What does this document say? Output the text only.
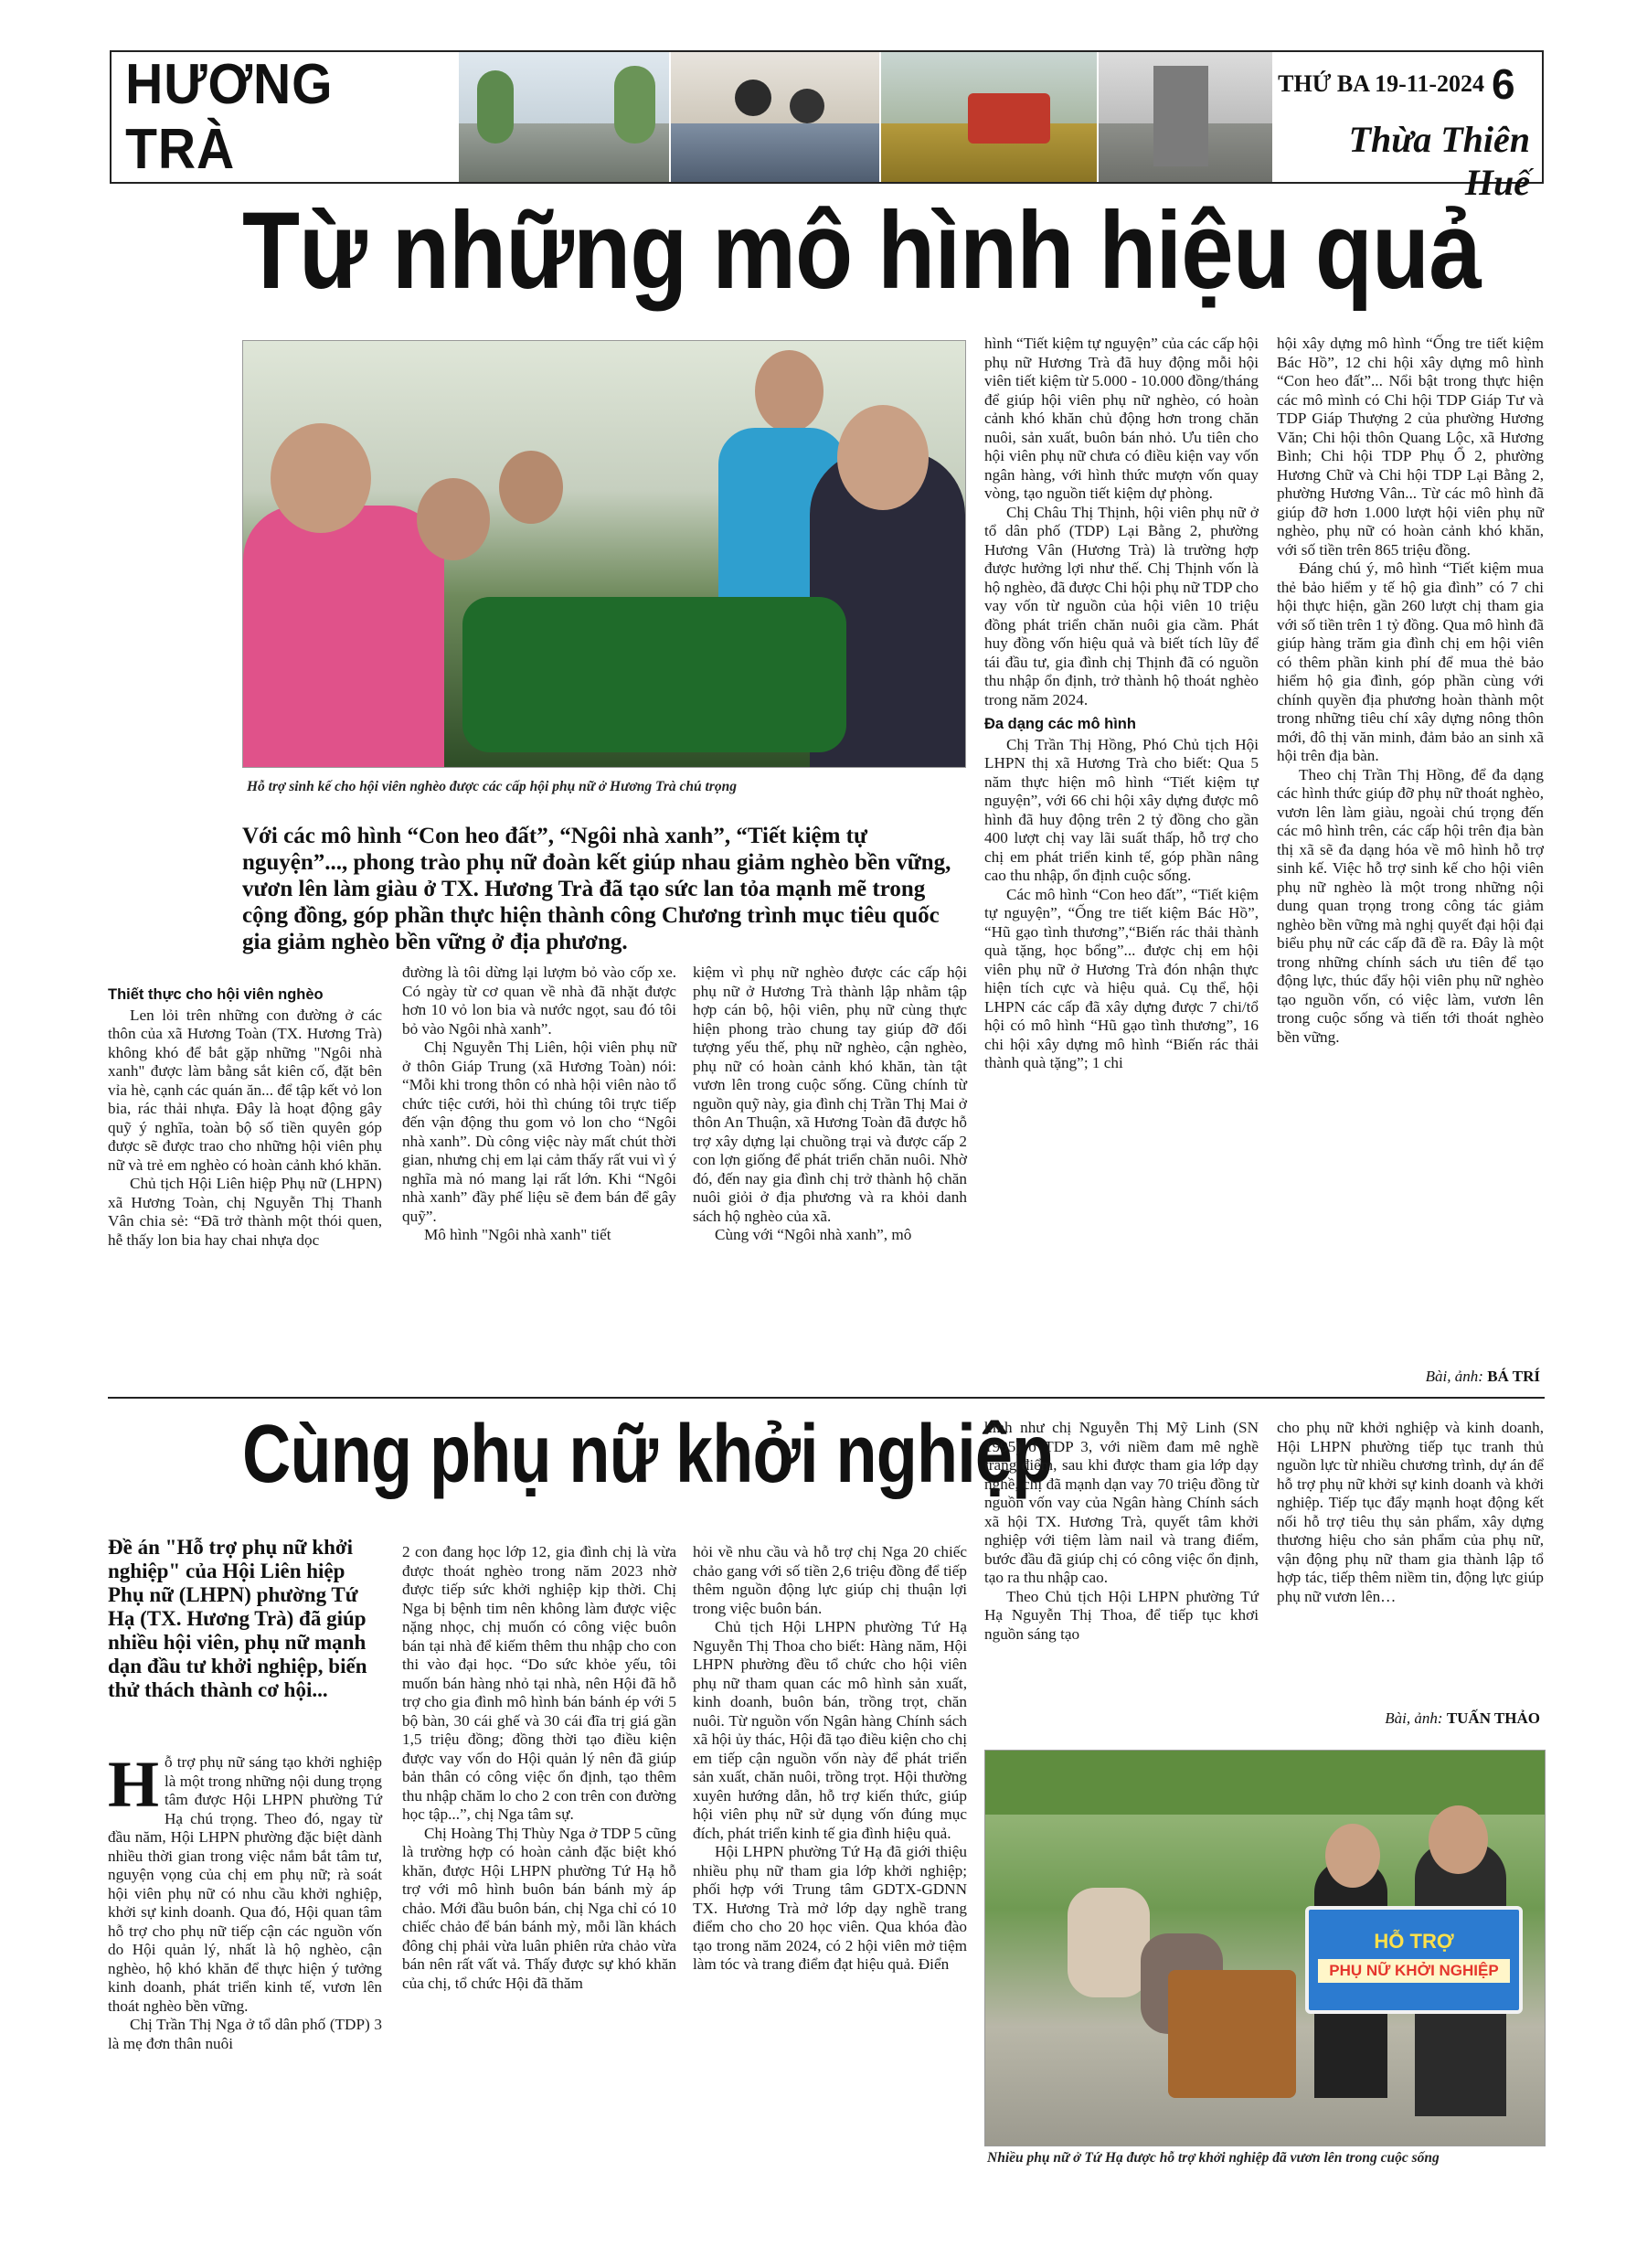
HƯƠNG TRÀ
THỨ BA 19-11-2024 6
Thừa Thiên Huế
Từ những mô hình hiệu quả
Hỗ trợ sinh kế cho hội viên nghèo được các cấp hội phụ nữ ở Hương Trà chú trọng
Với các mô hình “Con heo đất”, “Ngôi nhà xanh”, “Tiết kiệm tự nguyện”..., phong trào phụ nữ đoàn kết giúp nhau giảm nghèo bền vững, vươn lên làm giàu ở TX. Hương Trà đã tạo sức lan tỏa mạnh mẽ trong cộng đồng, góp phần thực hiện thành công Chương trình mục tiêu quốc gia giảm nghèo bền vững ở địa phương.
Thiết thực cho hội viên nghèo

Len lỏi trên những con đường ở các thôn của xã Hương Toàn (TX. Hương Trà) không khó để bắt gặp những "Ngôi nhà xanh" được làm bằng sắt kiên cố, đặt bên vỉa hè, cạnh các quán ăn... để tập kết vỏ lon bia, rác thải nhựa. Đây là hoạt động gây quỹ ý nghĩa, toàn bộ số tiền quyên góp được sẽ được trao cho những hội viên phụ nữ và trẻ em nghèo có hoàn cảnh khó khăn.

Chủ tịch Hội Liên hiệp Phụ nữ (LHPN) xã Hương Toàn, chị Nguyễn Thị Thanh Vân chia sẻ: “Đã trở thành một thói quen, hễ thấy lon bia hay chai nhựa dọc

đường là tôi dừng lại lượm bỏ vào cốp xe. Có ngày từ cơ quan về nhà đã nhặt được hơn 10 vỏ lon bia và nước ngọt, sau đó tôi bỏ vào Ngôi nhà xanh”.

Chị Nguyễn Thị Liên, hội viên phụ nữ ở thôn Giáp Trung (xã Hương Toàn) nói: “Mỗi khi trong thôn có nhà hội viên nào tổ chức tiệc cưới, hỏi thì chúng tôi trực tiếp đến vận động thu gom vỏ lon cho “Ngôi nhà xanh”. Dù công việc này mất chút thời gian, nhưng chị em lại cảm thấy rất vui vì ý nghĩa mà nó mang lại rất lớn. Khi “Ngôi nhà xanh” đầy phế liệu sẽ đem bán để gây quỹ”.

Mô hình "Ngôi nhà xanh" tiết

kiệm vì phụ nữ nghèo được các cấp hội phụ nữ ở Hương Trà thành lập nhằm tập hợp cán bộ, hội viên, phụ nữ cùng thực hiện phong trào chung tay giúp đỡ đối tượng yếu thế, phụ nữ nghèo, cận nghèo, phụ nữ có hoàn cảnh khó khăn, tàn tật vươn lên trong cuộc sống. Cũng chính từ nguồn quỹ này, gia đình chị Trần Thị Mai ở thôn An Thuận, xã Hương Toàn đã được hỗ trợ xây dựng lại chuồng trại và được cấp 2 con lợn giống để phát triển chăn nuôi. Nhờ đó, đến nay gia đình chị trở thành hộ chăn nuôi giỏi ở địa phương và ra khỏi danh sách hộ nghèo của xã.

Cùng với “Ngôi nhà xanh”, mô

hình “Tiết kiệm tự nguyện” của các cấp hội phụ nữ Hương Trà đã huy động mỗi hội viên tiết kiệm từ 5.000 - 10.000 đồng/tháng để giúp hội viên phụ nữ nghèo, có hoàn cảnh khó khăn chủ động hơn trong chăn nuôi, sản xuất, buôn bán nhỏ. Ưu tiên cho hội viên phụ nữ chưa có điều kiện vay vốn ngân hàng, với hình thức mượn vốn quay vòng, tạo nguồn tiết kiệm dự phòng.

Chị Châu Thị Thịnh, hội viên phụ nữ ở tổ dân phố (TDP) Lại Bằng 2, phường Hương Vân (Hương Trà) là trường hợp được hưởng lợi như thế. Chị Thịnh vốn là hộ nghèo, đã được Chi hội phụ nữ TDP cho vay vốn từ nguồn của hội viên 10 triệu đồng phát triển chăn nuôi gia cầm. Phát huy đồng vốn hiệu quả và biết tích lũy để tái đầu tư, gia đình chị Thịnh đã có nguồn thu nhập ổn định, trở thành hộ thoát nghèo trong năm 2024.

Đa dạng các mô hình

Chị Trần Thị Hồng, Phó Chủ tịch Hội LHPN thị xã Hương Trà cho biết: Qua 5 năm thực hiện mô hình “Tiết kiệm tự nguyện”, với 66 chi hội xây dựng được mô hình đã huy động trên 2 tỷ đồng cho gần 400 lượt chị vay lãi suất thấp, hỗ trợ cho chị em phát triển kinh tế, góp phần nâng cao thu nhập, ổn định cuộc sống.

Các mô hình “Con heo đất”, “Tiết kiệm tự nguyện”, “Ống tre tiết kiệm Bác Hồ”, “Hũ gạo tình thương”,“Biến rác thải thành quà tặng, học bổng”... được chị em hội viên phụ nữ ở Hương Trà đón nhận thực hiện tích cực và hiệu quả. Cụ thể, hội LHPN các cấp đã xây dựng được 7 chi/tổ hội có mô hình “Hũ gạo tình thương”, 16 chi hội xây dựng mô hình “Biến rác thải thành quà tặng”; 1 chi

hội xây dựng mô hình “Ống tre tiết kiệm Bác Hồ”, 12 chi hội xây dựng mô hình “Con heo đất”... Nổi bật trong thực hiện các mô mình có Chi hội TDP Giáp Tư và TDP Giáp Thượng 2 của phường Hương Văn; Chi hội thôn Quang Lộc, xã Hương Bình; Chi hội TDP Phụ Ổ 2, phường Hương Chữ và Chi hội TDP Lại Bằng 2, phường Hương Vân... Từ các mô hình đã giúp đỡ hơn 1.000 lượt hội viên phụ nữ nghèo, phụ nữ có hoàn cảnh khó khăn, với số tiền trên 865 triệu đồng.

Đáng chú ý, mô hình “Tiết kiệm mua thẻ bảo hiểm y tế hộ gia đình” có 7 chi hội thực hiện, gần 260 lượt chị tham gia với số tiền trên 1 tỷ đồng. Qua mô hình đã giúp hàng trăm gia đình chị em hội viên có thêm phần kinh phí để mua thẻ bảo hiểm hộ gia đình, góp phần cùng với chính quyền địa phương hoàn thành một trong những tiêu chí xây dựng nông thôn mới, đô thị văn minh, đảm bảo an sinh xã hội trên địa bàn.

Theo chị Trần Thị Hồng, để đa dạng các hình thức giúp đỡ phụ nữ thoát nghèo, vươn lên làm giàu, ngoài chú trọng đến các mô hình trên, các cấp hội trên địa bàn thị xã sẽ đa dạng hóa về mô hình hỗ trợ sinh kế. Việc hỗ trợ sinh kế cho hội viên phụ nữ nghèo là một trong những nội dung quan trọng trong công tác giảm nghèo bền vững mà nghị quyết đại hội đại biểu phụ nữ các cấp đã đề ra. Đây là một trong những chính sách ưu tiên để tạo động lực, thúc đẩy hội viên phụ nữ nghèo tạo nguồn vốn, có việc làm, vươn lên trong cuộc sống và tiến tới thoát nghèo bền vững.

Bài, ảnh: BÁ TRÍ
Cùng phụ nữ khởi nghiệp
Đề án "Hỗ trợ phụ nữ khởi nghiệp" của Hội Liên hiệp Phụ nữ (LHPN) phường Tứ Hạ (TX. Hương Trà) đã giúp nhiều hội viên, phụ nữ mạnh dạn đầu tư khởi nghiệp, biến thử thách thành cơ hội...

Hỗ trợ phụ nữ sáng tạo khởi nghiệp là một trong những nội dung trọng tâm được Hội LHPN phường Tứ Hạ chú trọng. Theo đó, ngay từ đầu năm, Hội LHPN phường đặc biệt dành nhiều thời gian trong việc nắm bắt tâm tư, nguyện vọng của chị em phụ nữ; rà soát hội viên phụ nữ có nhu cầu khởi nghiệp, khởi sự kinh doanh. Qua đó, Hội quan tâm hỗ trợ cho phụ nữ tiếp cận các nguồn vốn do Hội quản lý, nhất là hộ nghèo, cận nghèo, hộ khó khăn để thực hiện ý tưởng kinh doanh, phát triển kinh tế, vươn lên thoát nghèo bền vững.

Chị Trần Thị Nga ở tổ dân phố (TDP) 3 là mẹ đơn thân nuôi

2 con đang học lớp 12, gia đình chị là vừa được thoát nghèo trong năm 2023 nhờ được tiếp sức khởi nghiệp kịp thời. Chị Nga bị bệnh tim nên không làm được việc nặng nhọc, chị muốn có công việc buôn bán tại nhà để kiếm thêm thu nhập cho con thi vào đại học. “Do sức khỏe yếu, tôi muốn bán hàng nhỏ tại nhà, nên Hội đã hỗ trợ cho gia đình mô hình bán bánh ép với 5 bộ bàn, 30 cái ghế và 30 cái đĩa trị giá gần 1,5 triệu đồng; đồng thời tạo điều kiện được vay vốn do Hội quản lý nên đã giúp bản thân có công việc ổn định, tạo thêm thu nhập chăm lo cho 2 con trên con đường học tập...”, chị Nga tâm sự.

Chị Hoàng Thị Thùy Nga ở TDP 5 cũng là trường hợp có hoàn cảnh đặc biệt khó khăn, được Hội LHPN phường Tứ Hạ hỗ trợ với mô hình buôn bán bánh mỳ áp chảo. Mới đầu buôn bán, chị Nga chỉ có 10 chiếc chảo để bán bánh mỳ, mỗi lần khách đông chị phải vừa luân phiên rửa chảo vừa bán nên rất vất vả. Thấy được sự khó khăn của chị, tổ chức Hội đã thăm

hỏi về nhu cầu và hỗ trợ chị Nga 20 chiếc chảo gang với số tiền 2,6 triệu đồng để tiếp thêm nguồn động lực giúp chị thuận lợi trong việc buôn bán.

Chủ tịch Hội LHPN phường Tứ Hạ Nguyễn Thị Thoa cho biết: Hàng năm, Hội LHPN phường đều tổ chức cho hội viên phụ nữ tham quan các mô hình sản xuất, kinh doanh, buôn bán, trồng trọt, chăn nuôi. Từ nguồn vốn Ngân hàng Chính sách xã hội ủy thác, Hội đã tạo điều kiện cho chị em tiếp cận nguồn vốn này để phát triển sản xuất, chăn nuôi, trồng trọt. Hội thường xuyên hướng dẫn, hỗ trợ kiến thức, giúp hội viên phụ nữ sử dụng vốn đúng mục đích, phát triển kinh tế gia đình hiệu quả.

Hội LHPN phường Tứ Hạ đã giới thiệu nhiều phụ nữ tham gia lớp khởi nghiệp; phối hợp với Trung tâm GDTX-GDNN TX. Hương Trà mở lớp dạy nghề trang điểm cho cho 20 học viên. Qua khóa đào tạo trong năm 2024, có 2 hội viên mở tiệm làm tóc và trang điểm đạt hiệu quả. Điển

hình như chị Nguyễn Thị Mỹ Linh (SN 1995) ở TDP 3, với niềm đam mê nghề trang điểm, sau khi được tham gia lớp dạy nghề, chị đã mạnh dạn vay 70 triệu đồng từ nguồn vốn vay của Ngân hàng Chính sách xã hội TX. Hương Trà, quyết tâm khởi nghiệp với tiệm làm nail và trang điểm, bước đầu đã giúp chị có công việc ổn định, tạo ra thu nhập cao.

Theo Chủ tịch Hội LHPN phường Tứ Hạ Nguyễn Thị Thoa, để tiếp tục khơi nguồn sáng tạo

cho phụ nữ khởi nghiệp và kinh doanh, Hội LHPN phường tiếp tục tranh thủ nguồn lực từ nhiều chương trình, dự án để hỗ trợ phụ nữ khởi sự kinh doanh và khởi nghiệp. Tiếp tục đẩy mạnh hoạt động kết nối hỗ trợ tiêu thụ sản phẩm, xây dựng thương hiệu cho sản phẩm của phụ nữ, vận động phụ nữ tham gia thành lập tổ hợp tác, tiếp thêm niềm tin, động lực giúp phụ nữ vươn lên…

Bài, ảnh: TUẤN THẢO
HỖ TRỢ
PHỤ NỮ KHỞI NGHIỆP
Nhiều phụ nữ ở Tứ Hạ được hỗ trợ khởi nghiệp đã vươn lên trong cuộc sống
